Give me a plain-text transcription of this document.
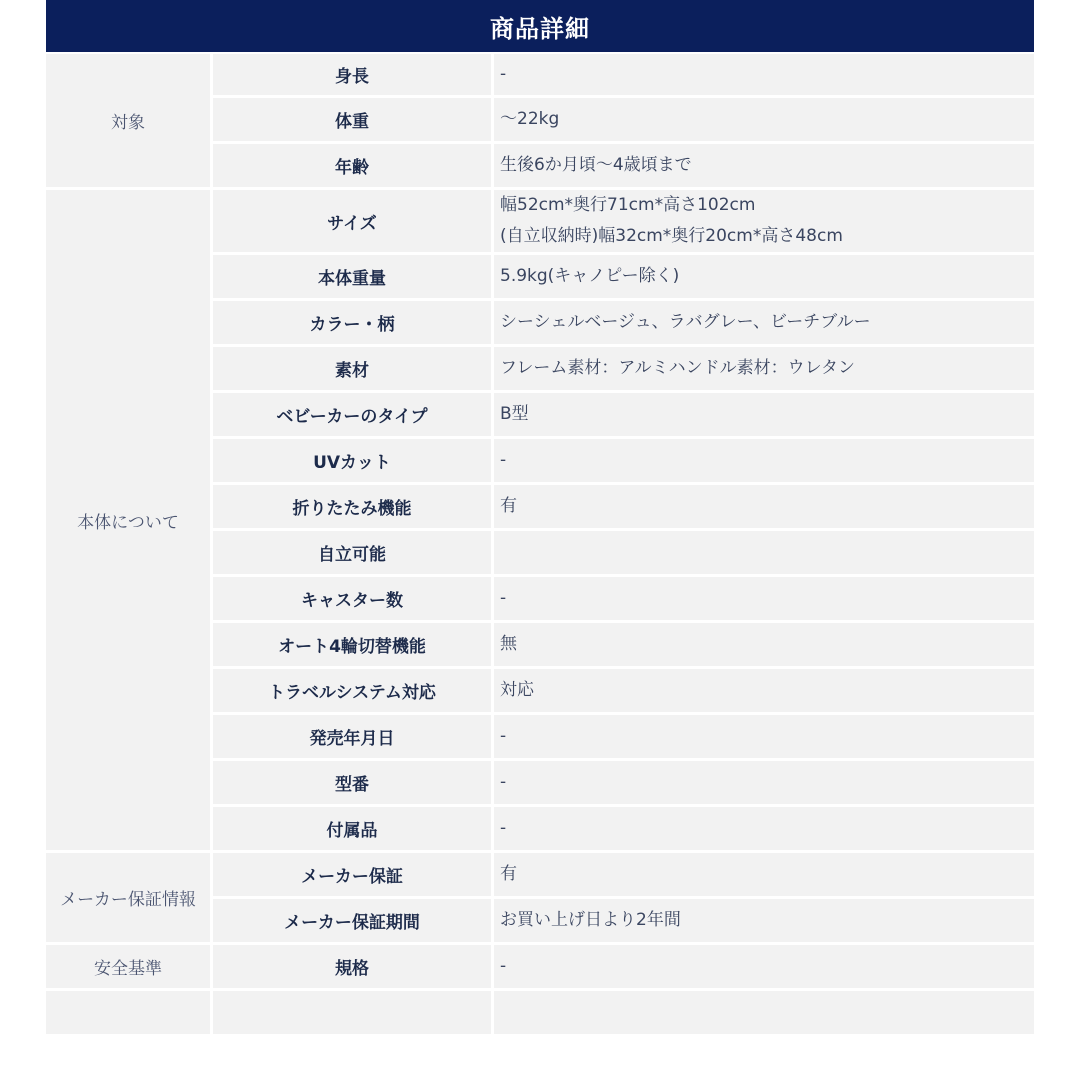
商品詳細
対象	身長	-
	体重	～22kg
	年齢	生後6か月頃～4歳頃まで
本体について	サイズ	幅52cm*奥行71cm*高さ102cm
(自立収納時)幅32cm*奥行20cm*高さ48cm

	本体重量	5.9kg(キャノピー除く)
	カラー・柄	シーシェルベージュ、ラバグレー、ビーチブルー
	素材	フレーム素材：アルミハンドル素材：ウレタン
	ベビーカーのタイプ	B型
	UVカット	-
	折りたたみ機能	有
	自立可能	
	キャスター数	-
	オート4輪切替機能	無
	トラベルシステム対応	対応
	発売年月日	-
	型番	-
	付属品	-
メーカー保証情報	メーカー保証	有
	メーカー保証期間	お買い上げ日より2年間
安全基準	規格	-
